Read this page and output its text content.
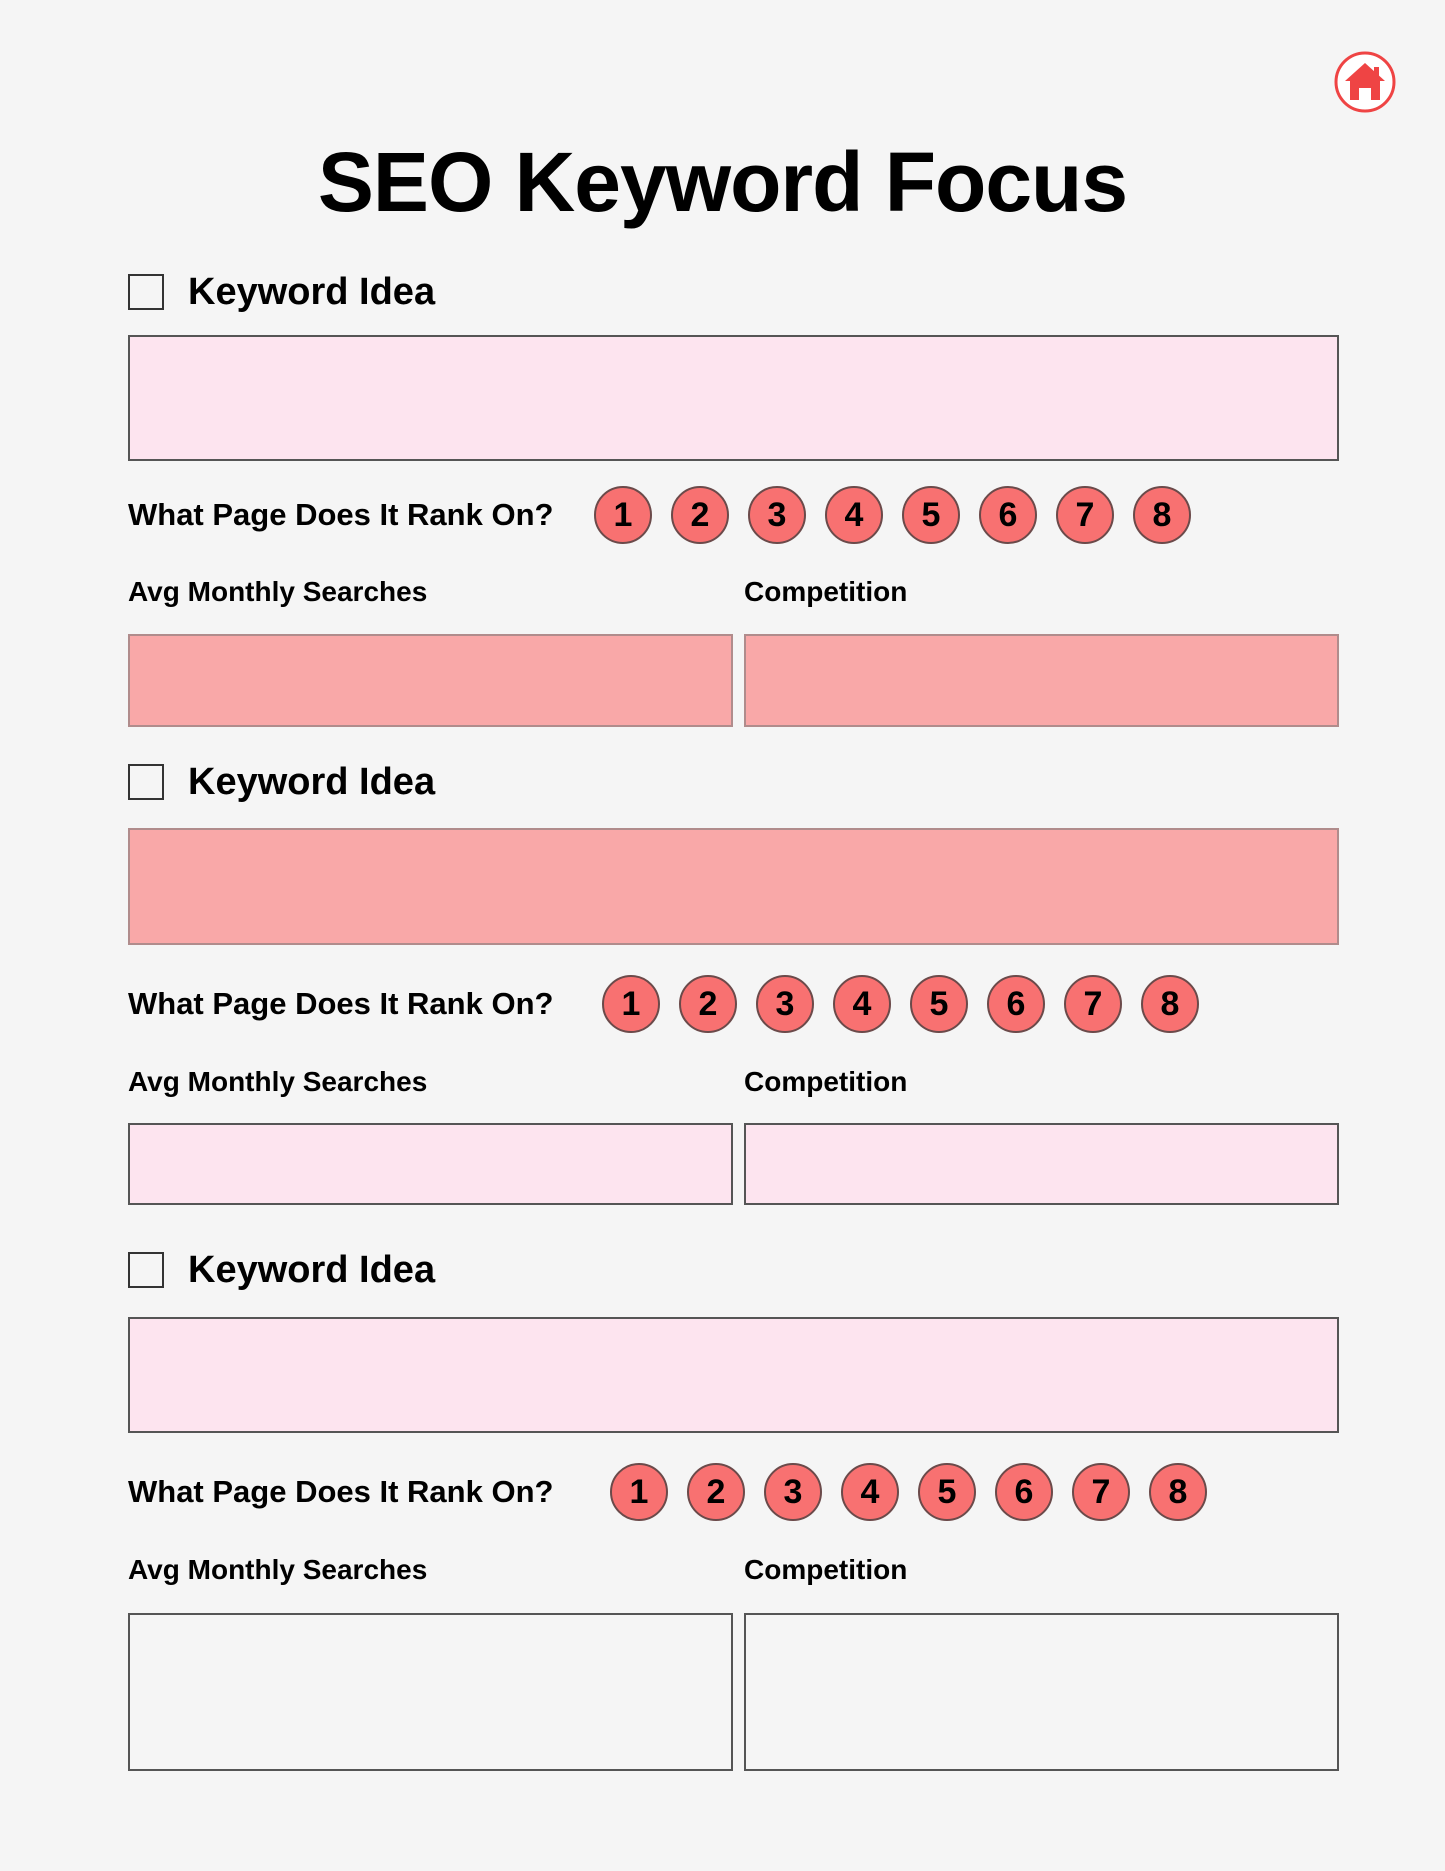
SEO Keyword Focus
Keyword Idea
What Page Does It Rank On?	1	2	3	4	5	6	7	8
Avg Monthly Searches	Competition
Keyword Idea
What Page Does It Rank On?	1	2	3	4	5	6	7	8
Avg Monthly Searches	Competition
Keyword Idea
What Page Does It Rank On?	1	2	3	4	5	6	7	8
Avg Monthly Searches	Competition
